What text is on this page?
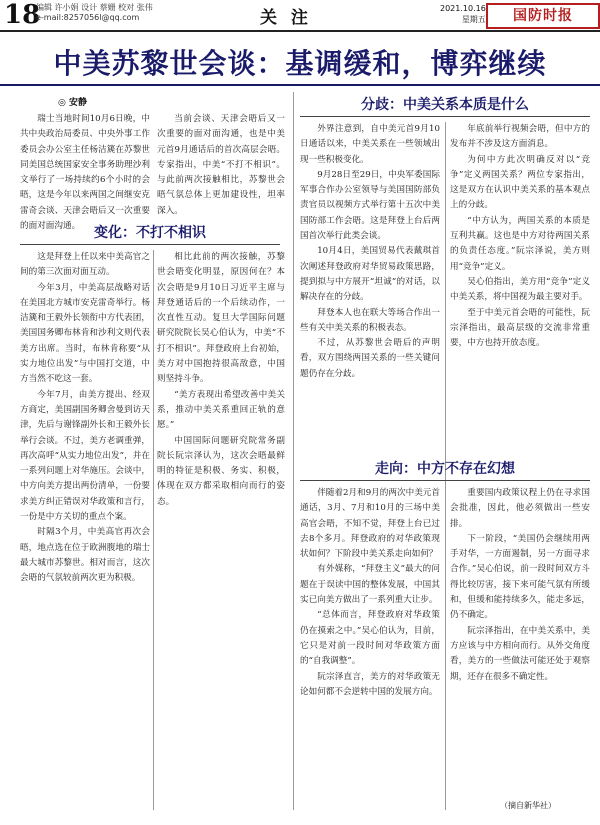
18
编辑 许小娟 设计 蔡姗 校对 张伟
e-mail:8257056l@qq.com	关 注	2021.10.16
星期五	国防时报
中美苏黎世会谈：基调缓和，博弈继续
◎ 安静

瑞士当地时间10月6日晚，中共中央政治局委员、中央外事工作委员会办公室主任杨洁篪在苏黎世同美国总统国家安全事务助理沙利文举行了一场持续约6个小时的会晤，这是今年以来两国之间继安克雷奇会谈、天津会晤后又一次重要的面对面沟通。 变化：不打不相识

这是拜登上任以来中美高官之间的第三次面对面互动。

今年3月，中美高层战略对话在美国北方城市安克雷奇举行。杨洁篪和王毅外长领衔中方代表团，美国国务卿布林肯和沙利文则代表美方出席。当时，布林肯称要“从实力地位出发”与中国打交道，中方当然不吃这一套。

今年7月，由美方提出、经双方商定，美国副国务卿舍曼到访天津，先后与谢锋副外长和王毅外长举行会谈。不过，美方老调重弹，再次高呼“从实力地位出发”，并在一系列问题上对华施压。会谈中，中方向美方提出两份清单，一份要求美方纠正错误对华政策和言行，一份是中方关切的重点个案。

时隔3个月，中美高官再次会晤，地点选在位于欧洲腹地的瑞士最大城市苏黎世。相对而言，这次会晤的气氛较前两次更为积极。

当前会谈、天津会晤后又一次重要的面对面沟通，也是中美元首9月通话后的首次高层会晤。专家指出，中美“不打不相识”。与此前两次接触相比，苏黎世会晤气氛总体上更加建设性，坦率深入。

相比此前的两次接触，苏黎世会晤变化明显，原因何在？本次会晤是9月10日习近平主席与拜登通话后的一个后续动作，一次直性互动。复旦大学国际问题研究院院长吴心伯认为，中美“不打不相识”。拜登政府上台初始，美方对中国抱持很高敌意，中国则坚持斗争。

“美方表现出希望改善中美关系，推动中美关系重回正轨的意愿。”

中国国际问题研究院常务副院长阮宗泽认为，这次会晤最鲜明的特征是积极、务实、积极，体现在双方都采取相向而行的姿态。

分歧：中美关系本质是什么

外界注意到，自中美元首9月10日通话以来，中美关系在一些领域出现一些积极变化。

9月28日至29日，中央军委国际军事合作办公室领导与美国国防部负责官员以视频方式举行第十五次中美国防部工作会晤。这是拜登上台后两国首次举行此类会谈。

10月4日，美国贸易代表戴琪首次阐述拜登政府对华贸易政策思路，提到拟与中方展开“坦诚”的对话，以解决存在的分歧。

拜登本人也在联大等场合作出一些有关中美关系的积极表态。

不过，从苏黎世会晤后的声明看，双方围绕两国关系的一些关键问题仍存在分歧。

年底前举行视频会晤，但中方的发布并不涉及这方面消息。

为何中方此次明确反对以“竞争”定义两国关系？两位专家指出，这是双方在认识中美关系的基本观点上的分歧。

“中方认为，两国关系的本质是互利共赢。这也是中方对待两国关系的负责任态度。”阮宗泽说，美方则用“竞争”定义。

吴心伯指出，美方用“竞争”定义中美关系，将中国视为最主要对手。

至于中美元首会晤的可能性，阮宗泽指出，最高层级的交流非常重要，中方也持开放态度。

走向：中方不存在幻想

伴随着2月和9月的两次中美元首通话，3月、7月和10月的三场中美高官会晤，不知不觉，拜登上台已过去8个多月。拜登政府的对华政策现状如何？下阶段中美关系走向如何？

有外媒称，“拜登主义”最大的问题在于误读中国的整体发展，中国其实已向美方做出了一系列重大让步。

“总体而言，拜登政府对华政策仍在摸索之中。”吴心伯认为，目前，它只是对前一段时间对华政策方面的“自我调整”。

阮宗泽直言，美方的对华政策无论如何都不会逆转中国的发展方向。

重要国内政策议程上仍在寻求国会批准，因此，他必须做出一些安排。

下一阶段，“美国仍会继续用两手对华，一方面遏制，另一方面寻求合作。”吴心伯说，前一段时间双方斗得比较厉害，接下来可能气氛有所缓和，但缓和能持续多久，能走多远，仍不确定。

阮宗泽指出，在中美关系中，美方应该与中方相向而行。从外交角度看，美方的一些做法可能还处于观察期，还存在很多不确定性。

（摘自新华社）
